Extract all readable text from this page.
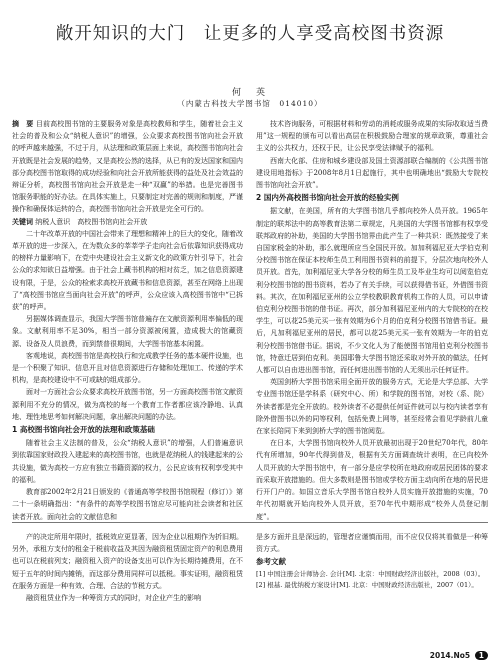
敞开知识的大门　让更多的人享受高校图书资源
何　英
（内蒙古科技大学图书馆　014010）

摘　要 目前高校图书馆的主要服务对象是高校教师和学生，随着社会主义社会的普及和公众“纳税人意识”的增强，公众要求高校图书馆向社会开放的呼声越来越强，不过于月，从法理和政策层面上来说，高校图书馆向社会开放既是社会发展的趋势，又是高校公然的选择，从已有的发达国家和国内部分高校图书馆取得的成功经验和向社会开放所能获得的益处及社会效益的辩证分析，高校图书馆向社会开放是走一种“双赢”的举措。也是完善图书馆服务职能的好办法。在具体实施上，只要制定对完善的规则和制度，严谨操作和确保体运转的合，高校图书馆向社会开放是完全可行的。

关键词 纳税人意识　高校图书馆向社会开放

二十年改革开放的中国社会带来了理想和精神上的巨大的变化，随着改革开放的进一步深入，在为数众多的莘莘学子走向社会后依靠知识获得成功的榜样力量影响下，在党中央建设社会主义新文化的政策方针引导下，社会公众的求知欲日益增强。由于社会上藏书机构的相对贫乏，加之信息资源建设有限，于是，公众的检索求高校开放藏书和信息资源，甚至在网络上出现了“高校图书馆应当面向社会开放”的呼声，公众应该入高校图书馆中“已拆获”的呼声。

另据媒体调查显示，我国大学图书馆普遍存在文献资源利用率偏低的现象。文献利用率不足30%，相当一部分资源被闲置，造成极大的馆藏资源、设备及人员浪费，而到禁普很期间，大学图书馆基本闲置。

客观地说，高校图书馆是高校执行和完成教学任务的基本硬件设施，也是一个积聚了知识、信息开且对信息资源进行存储和处理加工、传递的学术机构，是高校建设中不可或缺的组成部分。

面对一方面社会公众要求高校开放图书馆，另一方面高校图书馆文献资源利用不充分的情况，做为高校的每一个教育工作者都应该冷静地、认真地、理性地思考如何解决问题，拿出解决问题的办法。

1 高校图书馆向社会开放的法理和政策基础

随着社会主义法制的普及，公众“纳税人意识”的增强，人们普遍意识到依靠国家财政投入建起来的高校图书馆，也就是花纳税人的钱建起来的公共设施，做为高校一方应有独立书籍资源的权力，公民应该有权利享受其中的福利。

教育部2002年2月21日颁发的《普通高等学校图书馆规程（修订）》第二十一条明确指出：“有条件的高等学校图书馆应尽可能向社会读者和社区读者开放。面向社会的文献信息和

技术咨询服务，可根据材料和劳动的消耗或服务成果的实际收取适当费用”这一规程的颁布可以看出高层在积极鼓励合理家的规章政策，尊重社会主义的公共权力，还权于民，让公民享受法律赋予的福利。

西南大化部、住房和城乡建设部及国土资源部联合编制的《公共图书馆建设用地指标》于2008年8月1日起施行，其中也明确地出“鼓励大专院校图书馆向社会开放”。

2 国内外高校图书馆向社会开放的经验实例

据文献，在美国，所有的大学图书馆几乎都向校外人员开放。1965年制定的联邦法中的高等教育法第二章规定，凡美国的大学图书馆都有权享受联邦政府的补助，美国的大学图书馆界由此产生了一种共识：既然接受了来自国家税金的补助，那么就理所应当全国民开放。加加利福尼亚大学伯克利分校图书馆在保证本校师生员工利用图书资料的前提下，分层次地向校外人员开放。首先，加利福尼亚大学各分校的师生员工及毕业生均可以阅览伯克利分校图书馆的图书资料，若办了有关手续，可以获得借书证，外借图书资料。其次，在加利福尼亚州的公立学校教职教育机构工作的人员，可以申请伯克利分校图书馆的借书证。再次，部分加利福尼亚州内的大专院校的在校学生，可以花25美元买一张有效期为6个月的伯克利分校图书馆借书证。最后，凡加利福尼亚州的居民，都可以花25美元买一张有效期为一年的伯克利分校图书馆借书证。据说，不少文化人为了能使图书馆用伯克利分校图书馆，特意迁居到伯克利。美国耶鲁大学图书馆还采取对外开放的做法，任何人都可以自由进出图书馆，而任何进出图书馆的人无须出示任何证件。

英国剑桥大学图书馆采用全面开放的服务方式，无论是大学总部、大学专业图书馆还是学科系（研究中心、所）和学院的图书馆，对校（系、院）外读者都是完全开放的。校外读者不必提供任何证件就可以与校内读者享有除外借图书以外的同等权利，包括免费上网等，甚至经常会看见学龄前儿童在家长陪同下来到剑桥大学的图书馆阅览。

在日本，大学图书馆向校外人员开放最初出现于20世纪70年代，80年代有所增加，90年代得到普及，根据有关方面调查统计表明，在已向校外人员开放的大学图书馆中，有一部分是应学校所在地政府或居民团体的要求而采取开放措施的。但大多数则是图书馆或学校方面主动向所在地的居民进行开门户的。如国立音乐大学图书馆自校外人员实施开放措施的实施，70年代初期就开始向校外人员开放，至70年代中期形成“校外人员登记制度”。

产的决定所用年限时，抵税效应更显著，因为企业以租期作为折旧期。另外，承租方支付的租金于税前收益及其因为融资租赁固定资产的利息费用也可以在税前列支；融资租入资产的设备支出可以作为长期待摊费用，在不短于五年的时间内摊销，而这部分费用同样可以抵税。事实证明，融资租赁在服务方面是一种有效、合理、合法的节税方式。

融资租赁业作为一种筹资方式的同时，对企业产生的影响

是多方面并且是深远的，管理者应谨慎而用，而不应仅仅将其看做是一种筹资方式。

参考文献

[1] 中国注册会计师协会. 会计[M]. 北京：中国财政经济出版社，2008（03）。

[2] 根基. 最优纳税方案设计[M]. 北京：中国财政经济出版社，2007（01）。

2014.No5 1
